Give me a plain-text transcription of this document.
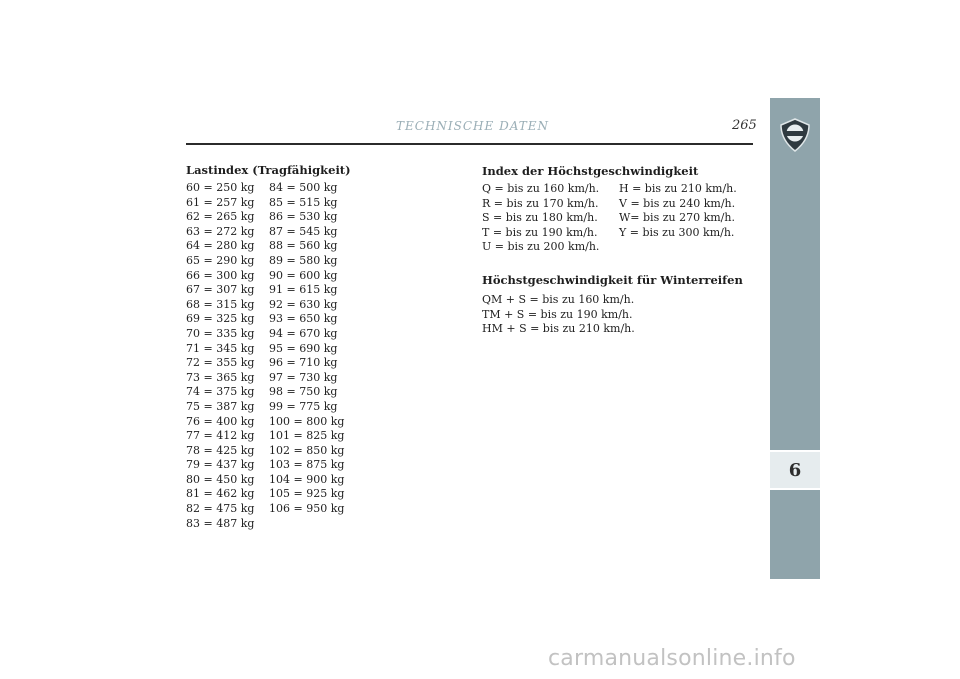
TECHNISCHE DATEN	265
6
Lastindex (Tragfähigkeit)
60 = 250 kg
61 = 257 kg
62 = 265 kg
63 = 272 kg
64 = 280 kg
65 = 290 kg
66 = 300 kg
67 = 307 kg
68 = 315 kg
69 = 325 kg
70 = 335 kg
71 = 345 kg
72 = 355 kg
73 = 365 kg
74 = 375 kg
75 = 387 kg
76 = 400 kg
77 = 412 kg
78 = 425 kg
79 = 437 kg
80 = 450 kg
81 = 462 kg
82 = 475 kg
83 = 487 kg
84 = 500 kg
85 = 515 kg
86 = 530 kg
87 = 545 kg
88 = 560 kg
89 = 580 kg
90 = 600 kg
91 = 615 kg
92 = 630 kg
93 = 650 kg
94 = 670 kg
95 = 690 kg
96 = 710 kg
97 = 730 kg
98 = 750 kg
99 = 775 kg
100 = 800 kg
101 = 825 kg
102 = 850 kg
103 = 875 kg
104 = 900 kg
105 = 925 kg
106 = 950 kg
Index der Höchstgeschwindigkeit
Q = bis zu 160 km/h.
R = bis zu 170 km/h.
S = bis zu 180 km/h.
T = bis zu 190 km/h.
U = bis zu 200 km/h.
H = bis zu 210 km/h.
V = bis zu 240 km/h.
W= bis zu 270 km/h.
Y = bis zu 300 km/h.
Höchstgeschwindigkeit für Winterreifen
QM + S = bis zu 160 km/h.
TM + S = bis zu 190 km/h.
HM + S = bis zu 210 km/h.
carmanualsonline.info
